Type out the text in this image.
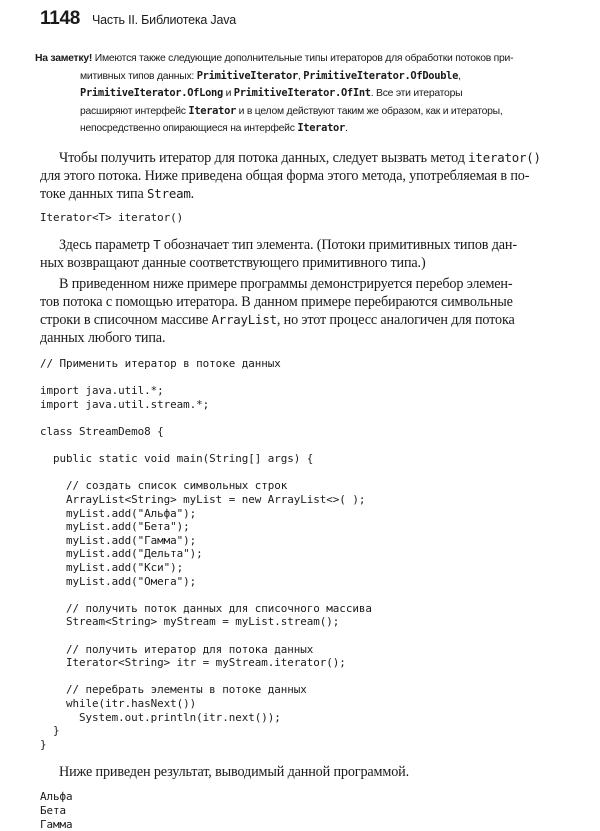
1148 Часть II. Библиотека Java
На заметку! Имеются также следующие дополнительные типы итераторов для обработки потоков при-
митивных типов данных: PrimitiveIterator, PrimitiveIterator.OfDouble,
PrimitiveIterator.OfLong и PrimitiveIterator.OfInt. Все эти итераторы
расширяют интерфейс Iterator и в целом действуют таким же образом, как и итераторы,
непосредственно опирающиеся на интерфейс Iterator.
Чтобы получить итератор для потока данных, следует вызвать метод iterator()
для этого потока. Ниже приведена общая форма этого метода, употребляемая в по-
токе данных типа Stream.
Iterator<T> iterator()
Здесь параметр T обозначает тип элемента. (Потоки примитивных типов дан-
ных возвращают данные соответствующего примитивного типа.)
В приведенном ниже примере программы демонстрируется перебор элемен-
тов потока с помощью итератора. В данном примере перебираются символьные
строки в списочном массиве ArrayList, но этот процесс аналогичен для потока
данных любого типа.
// Применить итератор в потоке данных

import java.util.*;
import java.util.stream.*;

class StreamDemo8 {

public static void main(String[] args) {

// создать список символьных строк
ArrayList<String> myList = new ArrayList<>( );
myList.add("Альфа");
myList.add("Бета");
myList.add("Гамма");
myList.add("Дельта");
myList.add("Кси");
myList.add("Омега");

// получить поток данных для списочного массива
Stream<String> myStream = myList.stream();

// получить итератор для потока данных
Iterator<String> itr = myStream.iterator();

// перебрать элементы в потоке данных
while(itr.hasNext())
System.out.println(itr.next());
}
}
Ниже приведен результат, выводимый данной программой.
Альфа
Бета
Гамма
